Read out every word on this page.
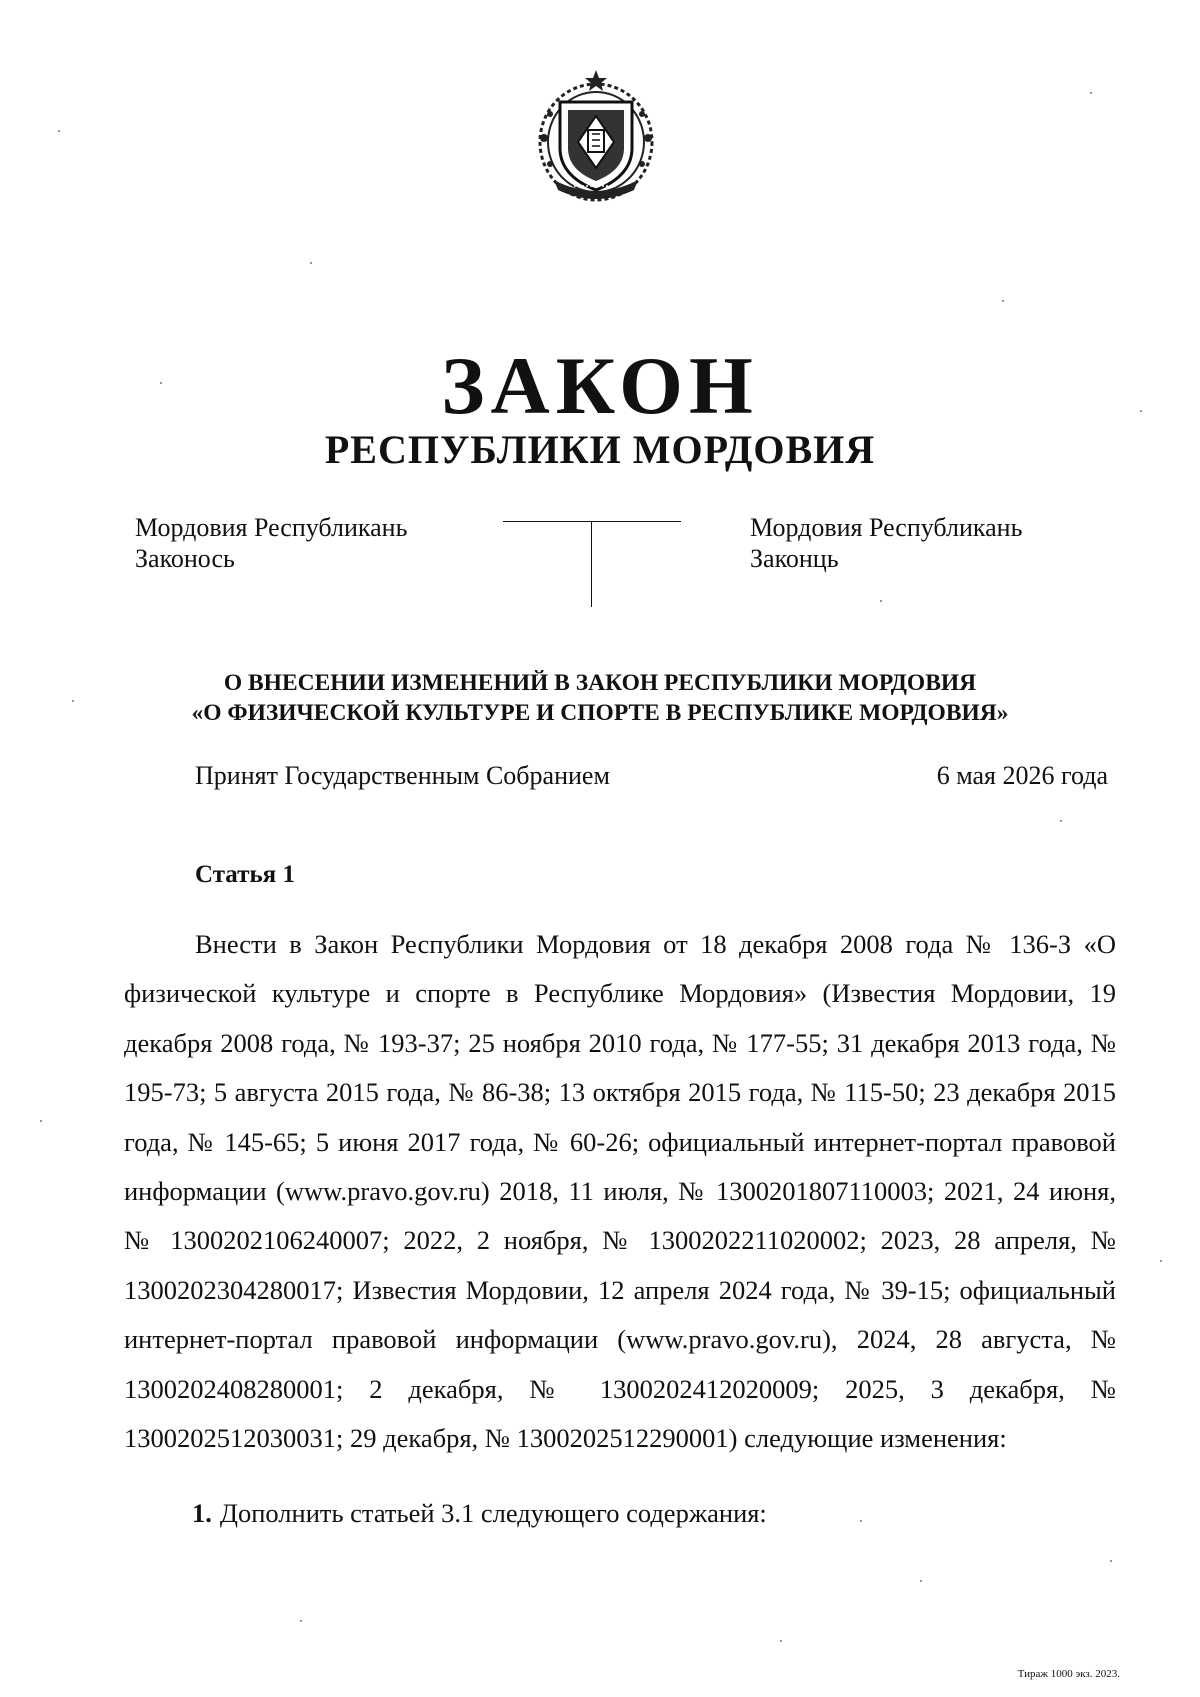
ЗАКОН
РЕСПУБЛИКИ МОРДОВИЯ
Мордовия Республикань
Законось
Мордовия Республикань
Законць
О ВНЕСЕНИИ ИЗМЕНЕНИЙ В ЗАКОН РЕСПУБЛИКИ МОРДОВИЯ
«О ФИЗИЧЕСКОЙ КУЛЬТУРЕ И СПОРТЕ В РЕСПУБЛИКЕ МОРДОВИЯ»
Принят Государственным Собранием	6 мая 2026 года
Статья 1
Внести в Закон Республики Мордовия от 18 декабря 2008 года № 136-З «О физической культуре и спорте в Республике Мордовия» (Известия Мордовии, 19 декабря 2008 года, № 193-37; 25 ноября 2010 года, № 177-55; 31 декабря 2013 года, № 195-73; 5 августа 2015 года, № 86-38; 13 октября 2015 года, № 115-50; 23 декабря 2015 года, № 145-65; 5 июня 2017 года, № 60-26; официальный интернет-портал правовой информации (www.pravo.gov.ru) 2018, 11 июля, № 1300201807110003; 2021, 24 июня, № 1300202106240007; 2022, 2 ноября, № 1300202211020002; 2023, 28 апреля, № 1300202304280017; Известия Мордовии, 12 апреля 2024 года, № 39-15; официальный интернет-портал правовой информации (www.pravo.gov.ru), 2024, 28 августа, № 1300202408280001; 2 декабря, № 1300202412020009; 2025, 3 декабря, № 1300202512030031; 29 декабря, № 1300202512290001) следующие изменения:
1. Дополнить статьей 3.1 следующего содержания:
Тираж 1000 экз. 2023.
